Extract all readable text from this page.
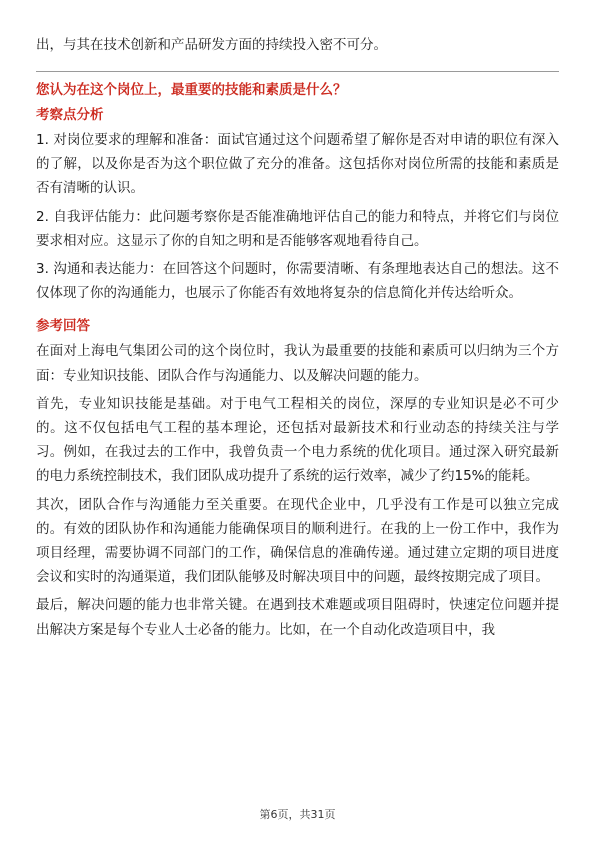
出，与其在技术创新和产品研发方面的持续投入密不可分。
您认为在这个岗位上，最重要的技能和素质是什么？
考察点分析

1. 对岗位要求的理解和准备：面试官通过这个问题希望了解你是否对申请的职位有深入的了解，以及你是否为这个职位做了充分的准备。这包括你对岗位所需的技能和素质是否有清晰的认识。

2. 自我评估能力：此问题考察你是否能准确地评估自己的能力和特点，并将它们与岗位要求相对应。这显示了你的自知之明和是否能够客观地看待自己。

3. 沟通和表达能力：在回答这个问题时，你需要清晰、有条理地表达自己的想法。这不仅体现了你的沟通能力，也展示了你能否有效地将复杂的信息简化并传达给听众。

参考回答

在面对上海电气集团公司的这个岗位时，我认为最重要的技能和素质可以归纳为三个方面：专业知识技能、团队合作与沟通能力、以及解决问题的能力。

首先，专业知识技能是基础。对于电气工程相关的岗位，深厚的专业知识是必不可少的。这不仅包括电气工程的基本理论，还包括对最新技术和行业动态的持续关注与学习。例如，在我过去的工作中，我曾负责一个电力系统的优化项目。通过深入研究最新的电力系统控制技术，我们团队成功提升了系统的运行效率，减少了约15%的能耗。

其次，团队合作与沟通能力至关重要。在现代企业中，几乎没有工作是可以独立完成的。有效的团队协作和沟通能力能确保项目的顺利进行。在我的上一份工作中，我作为项目经理，需要协调不同部门的工作，确保信息的准确传递。通过建立定期的项目进度会议和实时的沟通渠道，我们团队能够及时解决项目中的问题，最终按期完成了项目。

最后，解决问题的能力也非常关键。在遇到技术难题或项目阻碍时，快速定位问题并提出解决方案是每个专业人士必备的能力。比如，在一个自动化改造项目中，我

第6页，共31页
